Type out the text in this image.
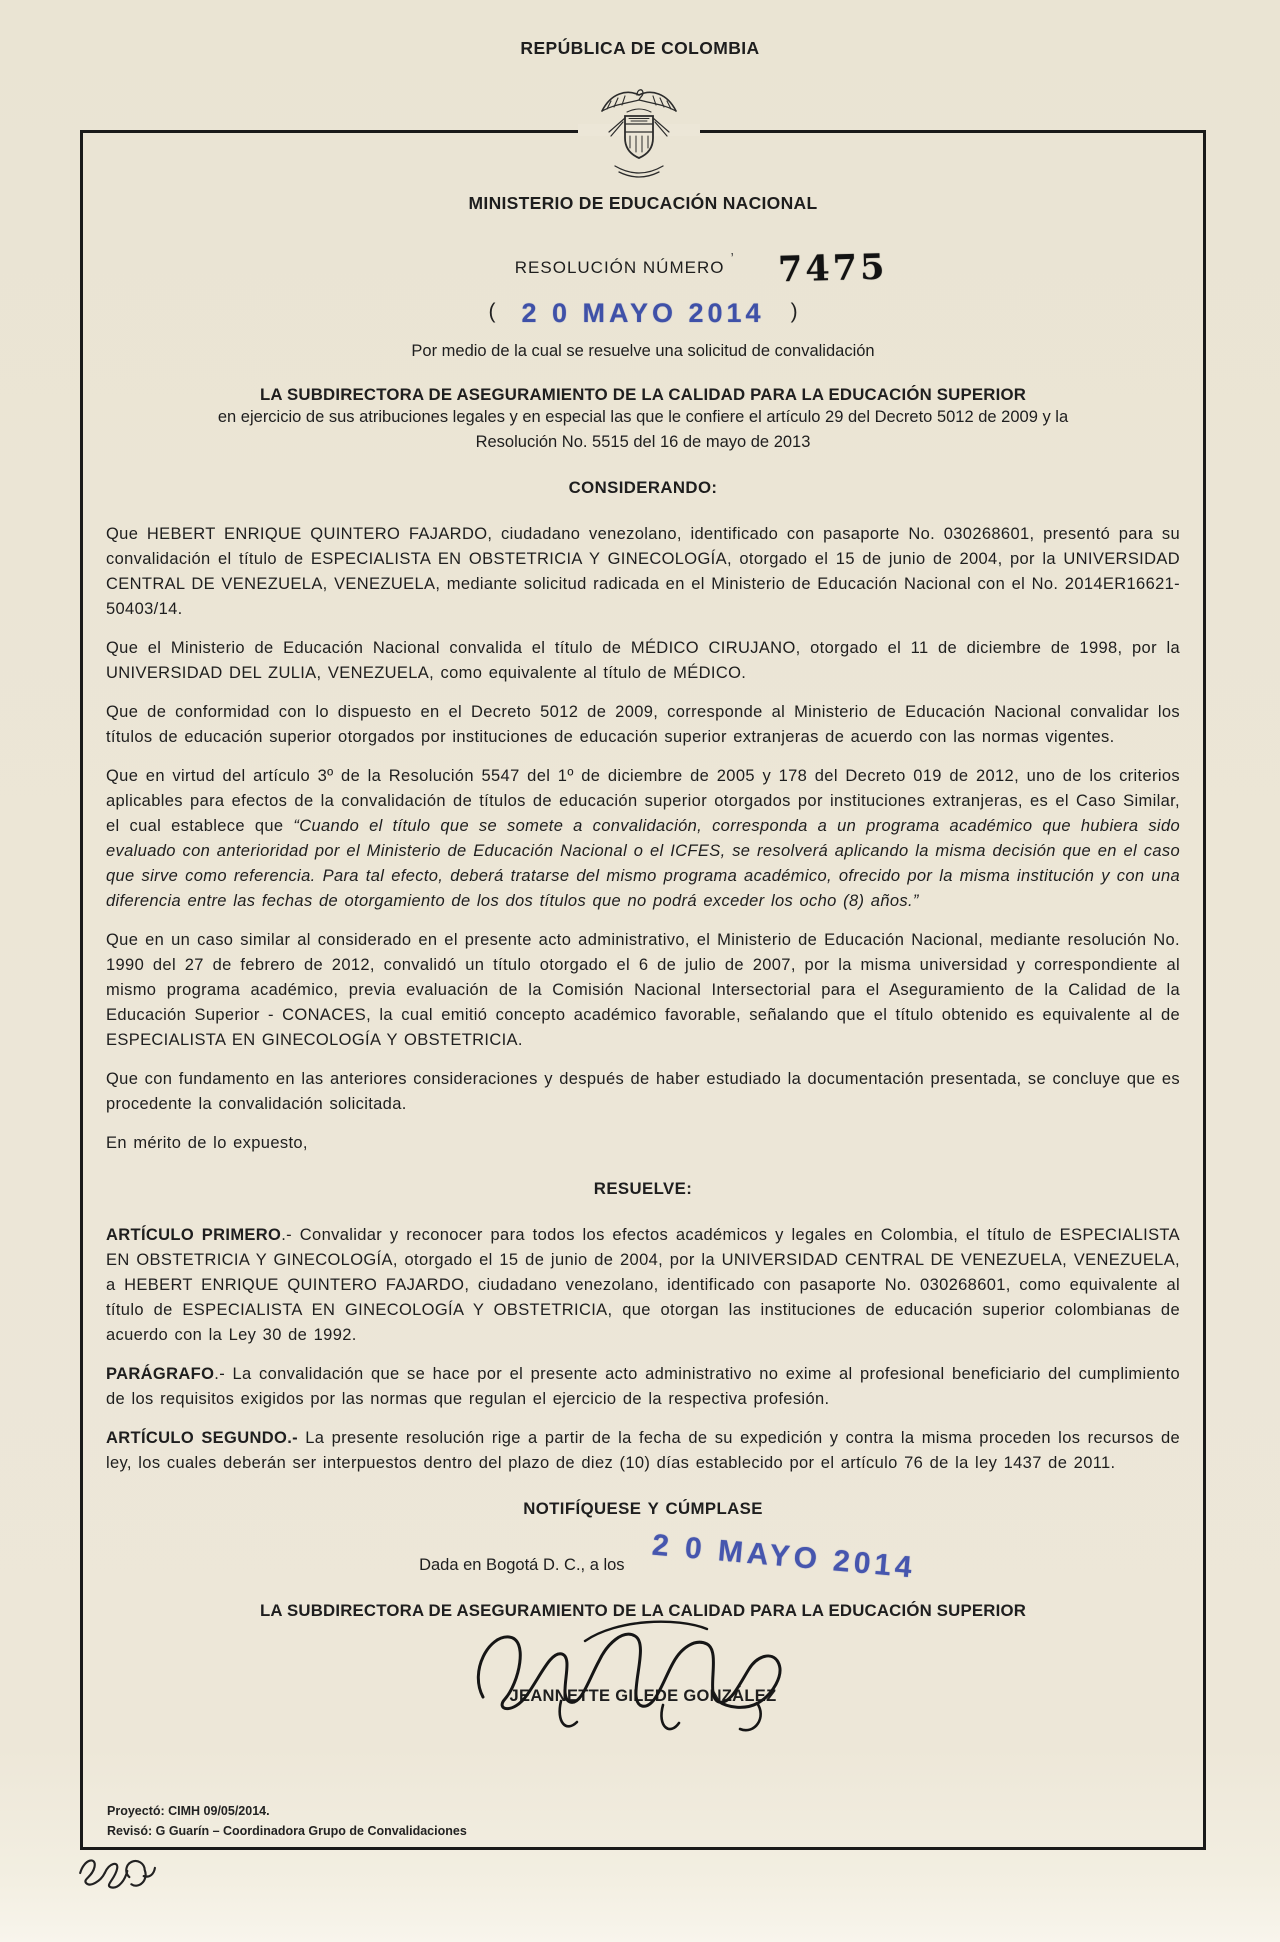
REPÚBLICA DE COLOMBIA
MINISTERIO DE EDUCACIÓN NACIONAL
RESOLUCIÓN NÚMERO ’ 7475
( 2 0 MAYO 2014 )
Por medio de la cual se resuelve una solicitud de convalidación
LA SUBDIRECTORA DE ASEGURAMIENTO DE LA CALIDAD PARA LA EDUCACIÓN SUPERIOR
en ejercicio de sus atribuciones legales y en especial las que le confiere el artículo 29 del Decreto 5012 de 2009 y la
Resolución No. 5515 del 16 de mayo de 2013
CONSIDERANDO:

Que HEBERT ENRIQUE QUINTERO FAJARDO, ciudadano venezolano, identificado con pasaporte No. 030268601, presentó para su convalidación el título de ESPECIALISTA EN OBSTETRICIA Y GINECOLOGÍA, otorgado el 15 de junio de 2004, por la UNIVERSIDAD CENTRAL DE VENEZUELA, VENEZUELA, mediante solicitud radicada en el Ministerio de Educación Nacional con el No. 2014ER16621-50403/14.

Que el Ministerio de Educación Nacional convalida el título de MÉDICO CIRUJANO, otorgado el 11 de diciembre de 1998, por la UNIVERSIDAD DEL ZULIA, VENEZUELA, como equivalente al título de MÉDICO.

Que de conformidad con lo dispuesto en el Decreto 5012 de 2009, corresponde al Ministerio de Educación Nacional convalidar los títulos de educación superior otorgados por instituciones de educación superior extranjeras de acuerdo con las normas vigentes.

Que en virtud del artículo 3º de la Resolución 5547 del 1º de diciembre de 2005 y 178 del Decreto 019 de 2012, uno de los criterios aplicables para efectos de la convalidación de títulos de educación superior otorgados por instituciones extranjeras, es el Caso Similar, el cual establece que “Cuando el título que se somete a convalidación, corresponda a un programa académico que hubiera sido evaluado con anterioridad por el Ministerio de Educación Nacional o el ICFES, se resolverá aplicando la misma decisión que en el caso que sirve como referencia. Para tal efecto, deberá tratarse del mismo programa académico, ofrecido por la misma institución y con una diferencia entre las fechas de otorgamiento de los dos títulos que no podrá exceder los ocho (8) años.”

Que en un caso similar al considerado en el presente acto administrativo, el Ministerio de Educación Nacional, mediante resolución No. 1990 del 27 de febrero de 2012, convalidó un título otorgado el 6 de julio de 2007, por la misma universidad y correspondiente al mismo programa académico, previa evaluación de la Comisión Nacional Intersectorial para el Aseguramiento de la Calidad de la Educación Superior - CONACES, la cual emitió concepto académico favorable, señalando que el título obtenido es equivalente al de ESPECIALISTA EN GINECOLOGÍA Y OBSTETRICIA.

Que con fundamento en las anteriores consideraciones y después de haber estudiado la documentación presentada, se concluye que es procedente la convalidación solicitada.

En mérito de lo expuesto,

RESUELVE:

ARTÍCULO PRIMERO.- Convalidar y reconocer para todos los efectos académicos y legales en Colombia, el título de ESPECIALISTA EN OBSTETRICIA Y GINECOLOGÍA, otorgado el 15 de junio de 2004, por la UNIVERSIDAD CENTRAL DE VENEZUELA, VENEZUELA, a HEBERT ENRIQUE QUINTERO FAJARDO, ciudadano venezolano, identificado con pasaporte No. 030268601, como equivalente al título de ESPECIALISTA EN GINECOLOGÍA Y OBSTETRICIA, que otorgan las instituciones de educación superior colombianas de acuerdo con la Ley 30 de 1992.

PARÁGRAFO.- La convalidación que se hace por el presente acto administrativo no exime al profesional beneficiario del cumplimiento de los requisitos exigidos por las normas que regulan el ejercicio de la respectiva profesión.

ARTÍCULO SEGUNDO.- La presente resolución rige a partir de la fecha de su expedición y contra la misma proceden los recursos de ley, los cuales deberán ser interpuestos dentro del plazo de diez (10) días establecido por el artículo 76 de la ley 1437 de 2011.

NOTIFÍQUESE Y CÚMPLASE
Dada en Bogotá D. C., a los 2 0 MAYO 2014
LA SUBDIRECTORA DE ASEGURAMIENTO DE LA CALIDAD PARA LA EDUCACIÓN SUPERIOR
JEANNETTE GILEDE GONZÁLEZ
Proyectó: CIMH 09/05/2014.
Revisó: G Guarín – Coordinadora Grupo de Convalidaciones
